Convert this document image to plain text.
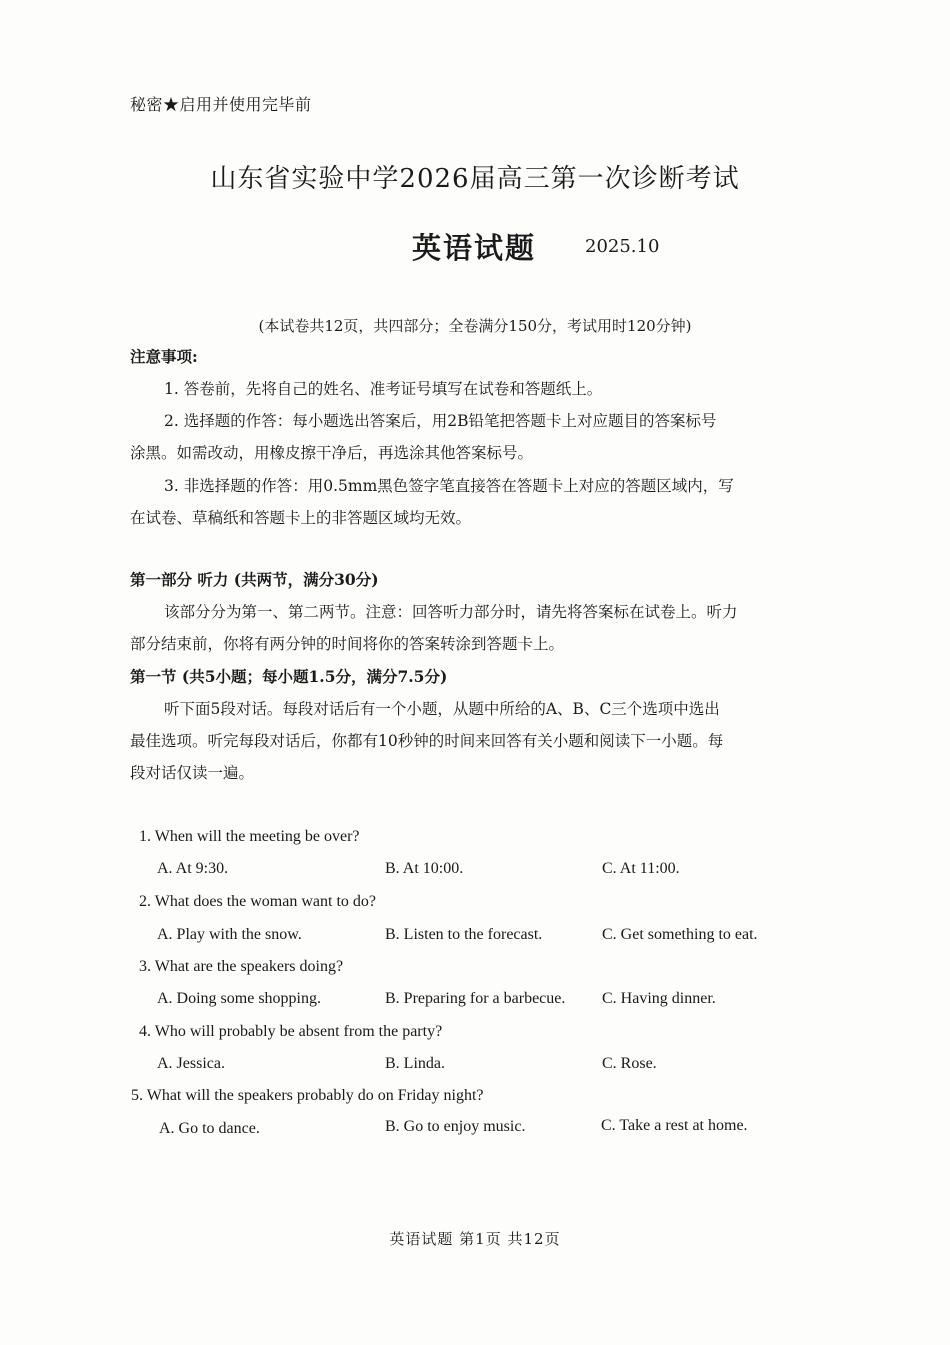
秘密★启用并使用完毕前
山东省实验中学2026届高三第一次诊断考试
英语试题	2025.10
(本试卷共12页，共四部分；全卷满分150分，考试用时120分钟)
注意事项:
1. 答卷前，先将自己的姓名、准考证号填写在试卷和答题纸上。
2. 选择题的作答：每小题选出答案后，用2B铅笔把答题卡上对应题目的答案标号
涂黑。如需改动，用橡皮擦干净后，再选涂其他答案标号。
3. 非选择题的作答：用0.5mm黑色签字笔直接答在答题卡上对应的答题区域内，写
在试卷、草稿纸和答题卡上的非答题区域均无效。
第一部分 听力 (共两节，满分30分)
该部分分为第一、第二两节。注意：回答听力部分时，请先将答案标在试卷上。听力
部分结束前，你将有两分钟的时间将你的答案转涂到答题卡上。
第一节 (共5小题；每小题1.5分，满分7.5分)
听下面5段对话。每段对话后有一个小题，从题中所给的A、B、C三个选项中选出
最佳选项。听完每段对话后，你都有10秒钟的时间来回答有关小题和阅读下一小题。每
段对话仅读一遍。
1. When will the meeting be over?
A. At 9:30.	B. At 10:00.	C. At 11:00.
2. What does the woman want to do?
A. Play with the snow.	B. Listen to the forecast.	C. Get something to eat.
3. What are the speakers doing?
A. Doing some shopping.	B. Preparing for a barbecue. C. Having dinner.
4. Who will probably be absent from the party?
A. Jessica.	B. Linda.	C. Rose.
5. What will the speakers probably do on Friday night?
A. Go to dance.	B. Go to enjoy music.	C. Take a rest at home.
英语试题 第1页 共12页
